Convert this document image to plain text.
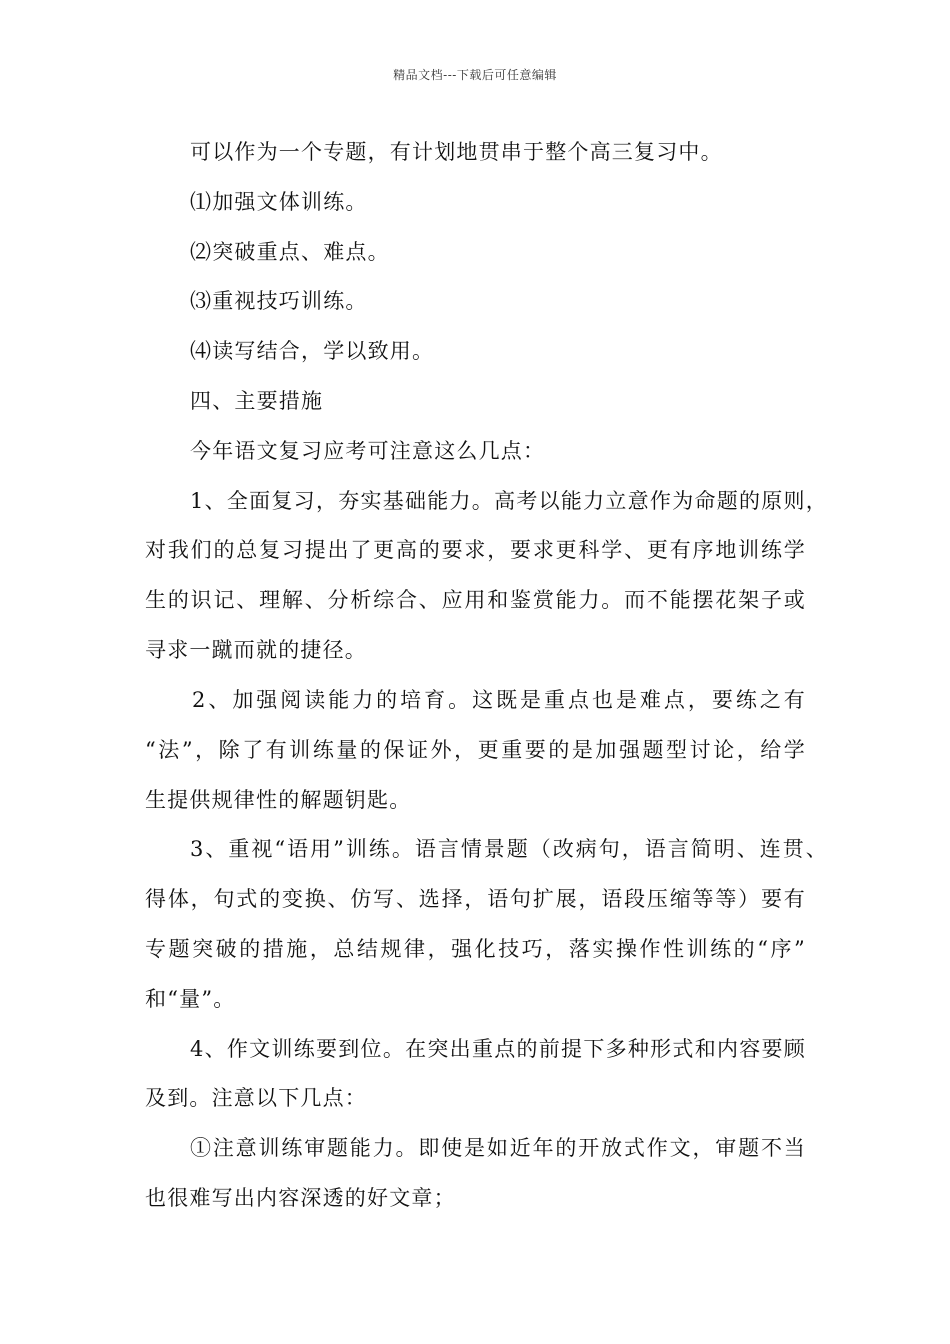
精品文档---下载后可任意编辑
可以作为一个专题，有计划地贯串于整个高三复习中。
⑴加强文体训练。
⑵突破重点、难点。
⑶重视技巧训练。
⑷读写结合，学以致用。
四、主要措施
今年语文复习应考可注意这么几点：
1、全面复习，夯实基础能力。高考以能力立意作为命题的原则，
对我们的总复习提出了更高的要求，要求更科学、更有序地训练学
生的识记、理解、分析综合、应用和鉴赏能力。而不能摆花架子或
寻求一蹴而就的捷径。
2、加强阅读能力的培育。这既是重点也是难点，要练之有
“法”，除了有训练量的保证外，更重要的是加强题型讨论，给学
生提供规律性的解题钥匙。
3、重视“语用”训练。语言情景题（改病句，语言简明、连贯、
得体，句式的变换、仿写、选择，语句扩展，语段压缩等等）要有
专题突破的措施，总结规律，强化技巧，落实操作性训练的“序”
和“量”。
4、作文训练要到位。在突出重点的前提下多种形式和内容要顾
及到。注意以下几点：
①注意训练审题能力。即使是如近年的开放式作文，审题不当
也很难写出内容深透的好文章；
